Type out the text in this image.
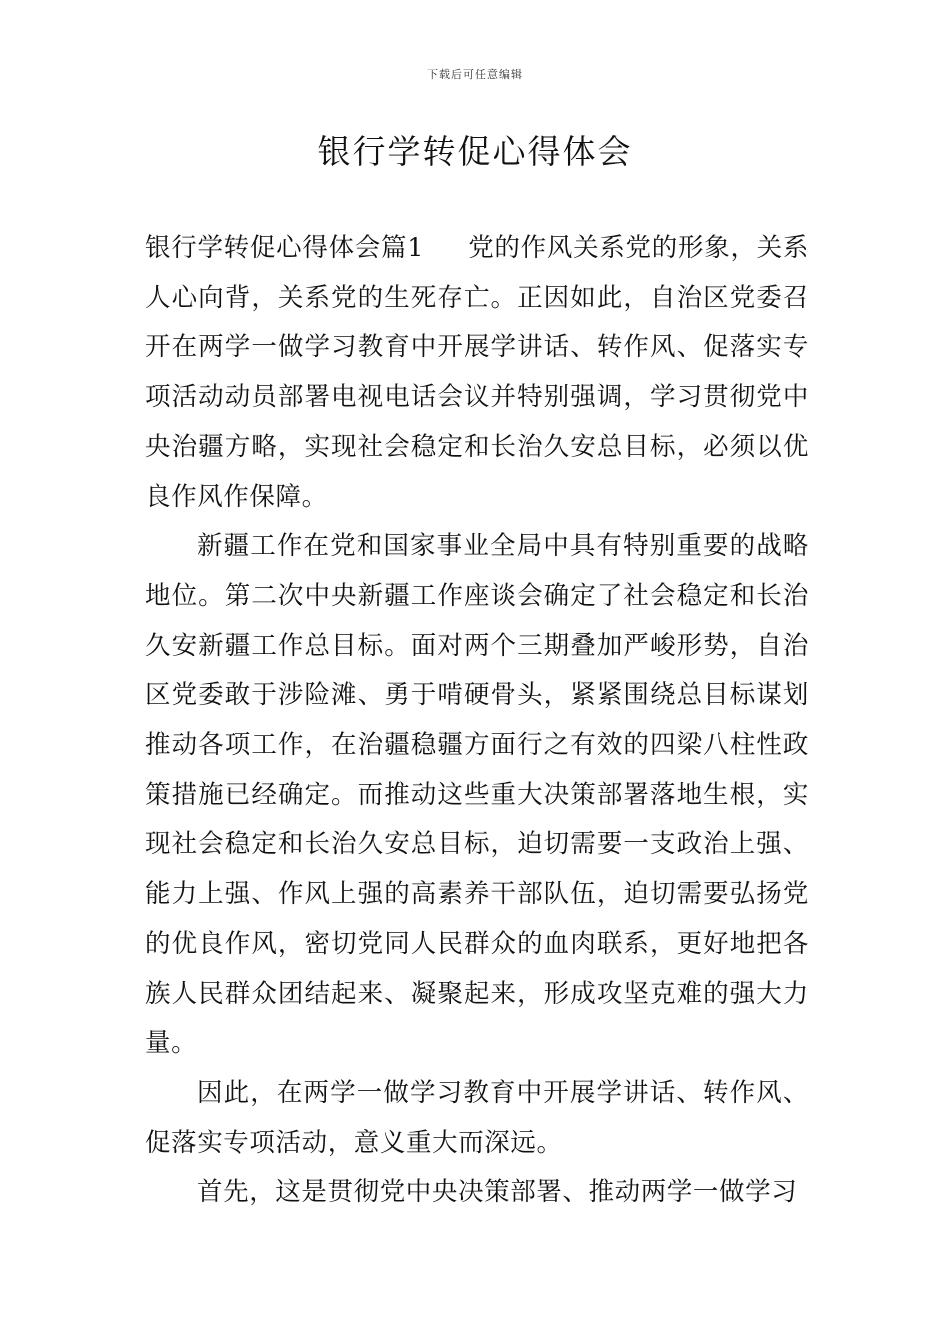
下载后可任意编辑
银行学转促心得体会

银行学转促心得体会篇1 党的作风关系党的形象，关系人心向背，关系党的生死存亡。正因如此，自治区党委召开在两学一做学习教育中开展学讲话、转作风、促落实专项活动动员部署电视电话会议并特别强调，学习贯彻党中央治疆方略，实现社会稳定和长治久安总目标，必须以优良作风作保障。

新疆工作在党和国家事业全局中具有特别重要的战略地位。第二次中央新疆工作座谈会确定了社会稳定和长治久安新疆工作总目标。面对两个三期叠加严峻形势，自治区党委敢于涉险滩、勇于啃硬骨头，紧紧围绕总目标谋划推动各项工作，在治疆稳疆方面行之有效的四梁八柱性政策措施已经确定。而推动这些重大决策部署落地生根，实现社会稳定和长治久安总目标，迫切需要一支政治上强、能力上强、作风上强的高素养干部队伍，迫切需要弘扬党的优良作风，密切党同人民群众的血肉联系，更好地把各族人民群众团结起来、凝聚起来，形成攻坚克难的强大力量。

因此，在两学一做学习教育中开展学讲话、转作风、促落实专项活动，意义重大而深远。

首先，这是贯彻党中央决策部署、推动两学一做学习
